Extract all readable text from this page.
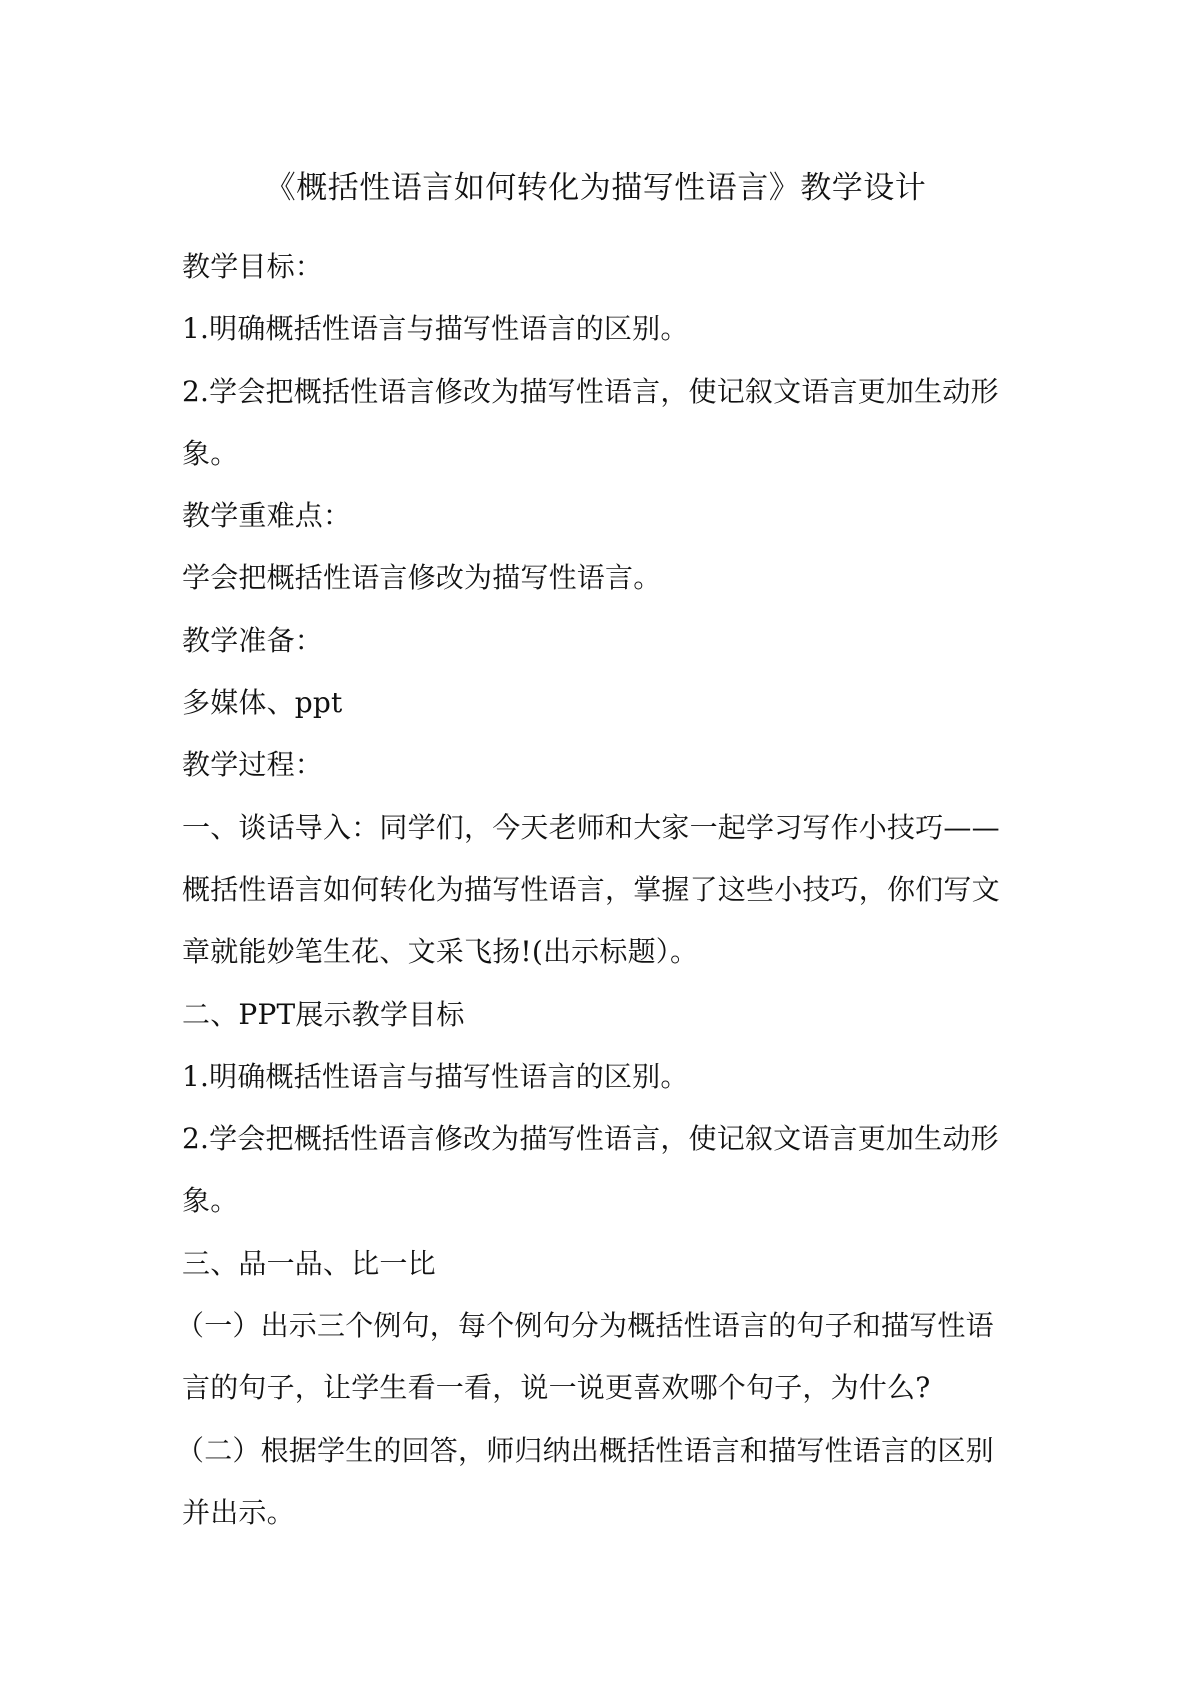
《概括性语言如何转化为描写性语言》教学设计

教学目标：

1.明确概括性语言与描写性语言的区别。

2.学会把概括性语言修改为描写性语言，使记叙文语言更加生动形

象。

教学重难点：

学会把概括性语言修改为描写性语言。

教学准备：

多媒体、ppt

教学过程：

一、谈话导入：同学们，今天老师和大家一起学习写作小技巧——

概括性语言如何转化为描写性语言，掌握了这些小技巧，你们写文

章就能妙笔生花、文采飞扬!(出示标题）。

二、PPT展示教学目标

1.明确概括性语言与描写性语言的区别。

2.学会把概括性语言修改为描写性语言，使记叙文语言更加生动形

象。

三、品一品、比一比

（一）出示三个例句，每个例句分为概括性语言的句子和描写性语

言的句子，让学生看一看，说一说更喜欢哪个句子，为什么?

（二）根据学生的回答，师归纳出概括性语言和描写性语言的区别

并出示。
